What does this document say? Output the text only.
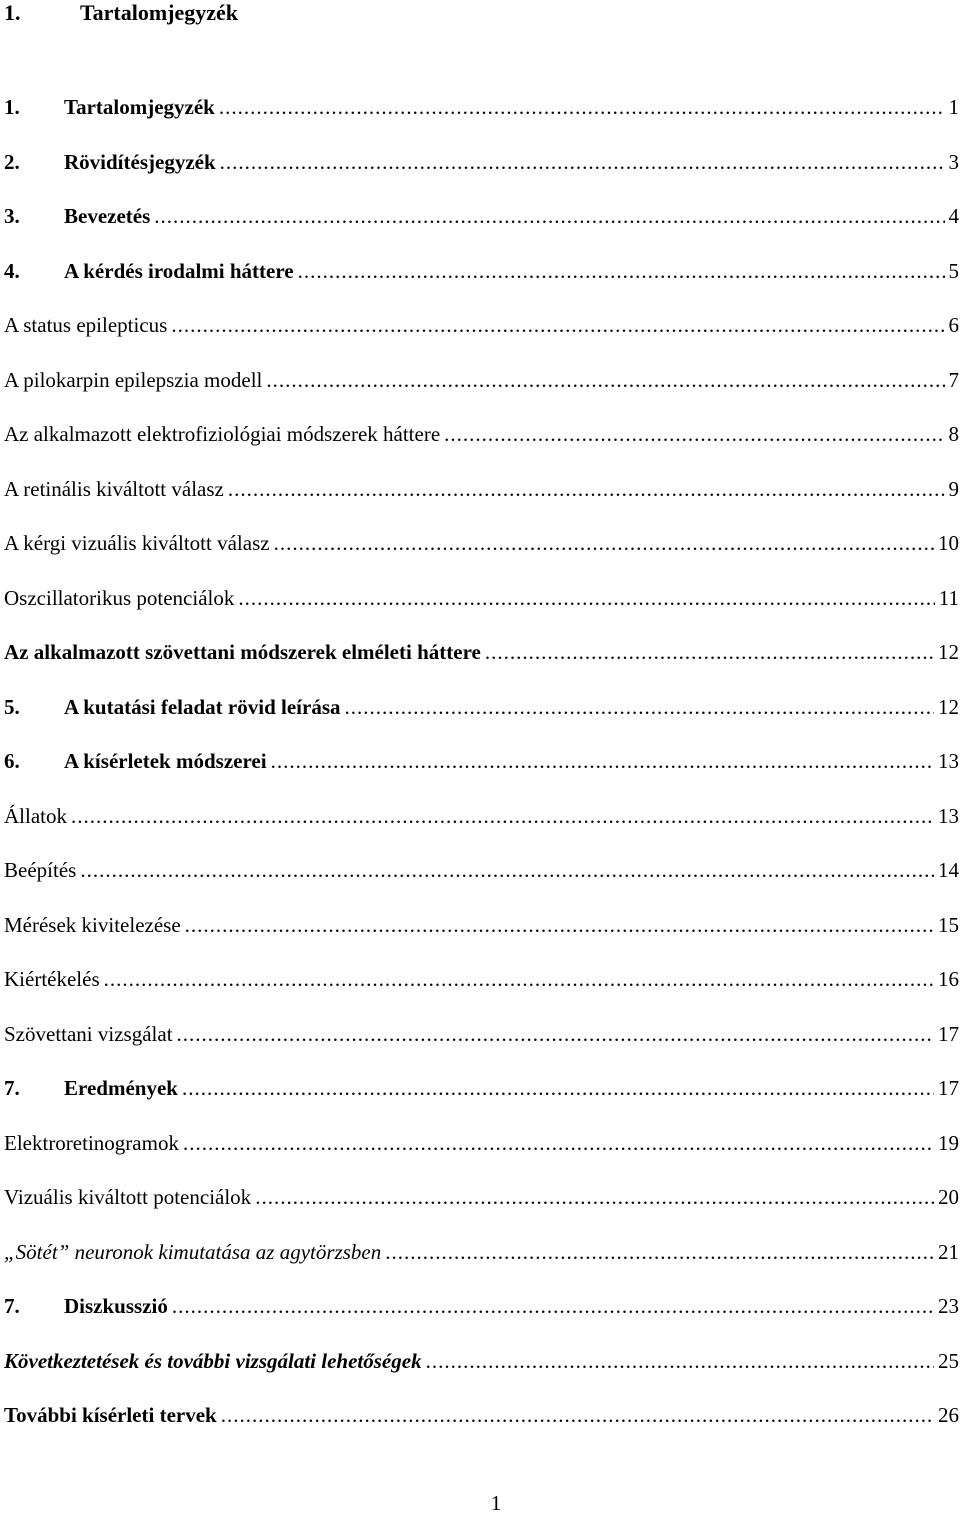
1.	Tartalomjegyzék
1. Tartalomjegyzék .....	1
2. Rövidítésjegyzék .....	3
3. Bevezetés .....	4
4. A kérdés irodalmi háttere .....	5
A status epilepticus .....	6
A pilokarpin epilepszia modell .....	7
Az alkalmazott elektrofiziológiai módszerek háttere .....	8
A retinális kiváltott válasz .....	9
A kérgi vizuális kiváltott válasz .....	10
Oszcillatorikus potenciálok .....	11
Az alkalmazott szövettani módszerek elméleti háttere .....	12
5. A kutatási feladat rövid leírása .....	12
6. A kísérletek módszerei .....	13
Állatok .....	13
Beépítés .....	14
Mérések kivitelezése .....	15
Kiértékelés .....	16
Szövettani vizsgálat .....	17
7. Eredmények .....	17
Elektroretinogramok .....	19
Vizuális kiváltott potenciálok .....	20
„Sötét” neuronok kimutatása az agytörzsben .....	21
7. Diszkusszió .....	23
Következtetések és további vizsgálati lehetőségek .....	25
További kísérleti tervek .....	26
1
